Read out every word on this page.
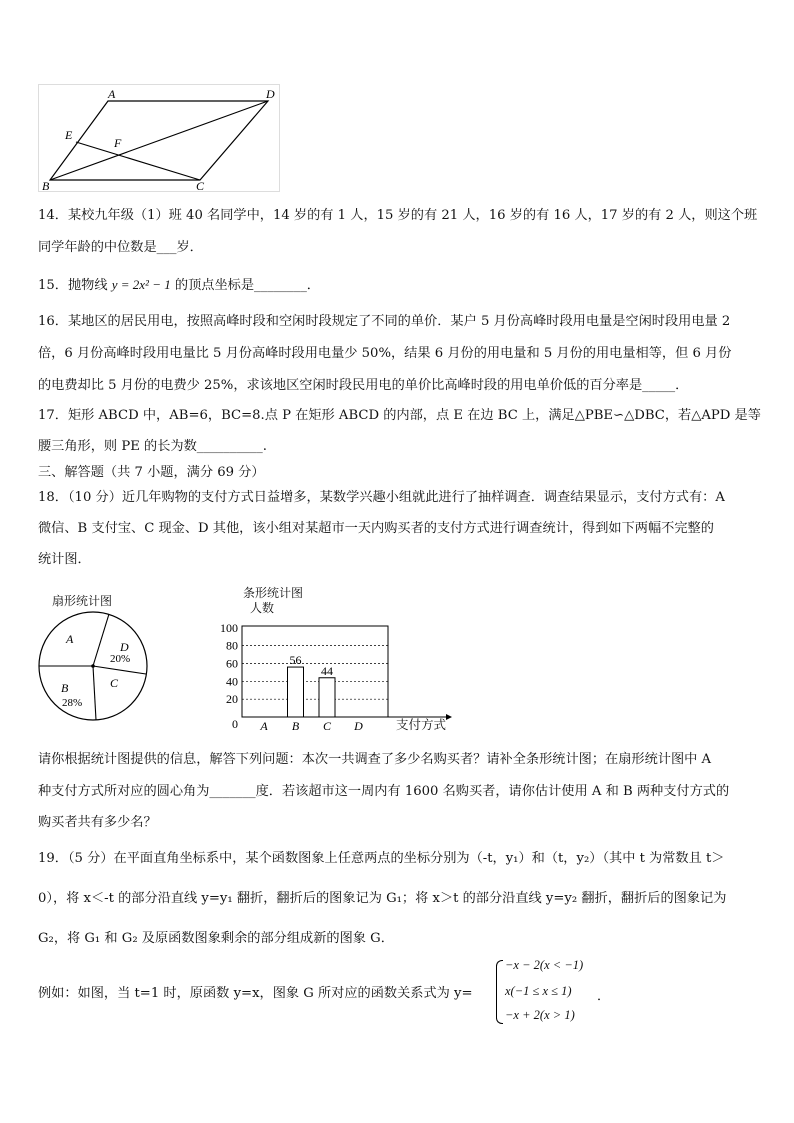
A	D
E
F
B	C
14．某校九年级（1）班 40 名同学中，14 岁的有 1 人，15 岁的有 21 人，16 岁的有 16 人，17 岁的有 2 人，则这个班
同学年龄的中位数是___岁．
15．抛物线 y = 2x² − 1 的顶点坐标是________．
16．某地区的居民用电，按照高峰时段和空闲时段规定了不同的单价．某户 5 月份高峰时段用电量是空闲时段用电量 2
倍，6 月份高峰时段用电量比 5 月份高峰时段用电量少 50%，结果 6 月份的用电量和 5 月份的用电量相等，但 6 月份
的电费却比 5 月份的电费少 25%，求该地区空闲时段民用电的单价比高峰时段的用电单价低的百分率是_____．
17．矩形 ABCD 中，AB=6，BC=8.点 P 在矩形 ABCD 的内部，点 E 在边 BC 上，满足△PBE∽△DBC，若△APD 是等
腰三角形，则 PE 的长为数__________.
三、解答题（共 7 小题，满分 69 分）
18．（10 分）近几年购物的支付方式日益增多，某数学兴趣小组就此进行了抽样调查．调查结果显示，支付方式有：A
微信、B 支付宝、C 现金、D 其他，该小组对某超市一天内购买者的支付方式进行调查统计，得到如下两幅不完整的
统计图．
扇形统计图
A
D
20%
C
B
28%
条形统计图
人数
0
20
40
60
80
100
A B
56
C
44
D
请你根据统计图提供的信息，解答下列问题：本次一共调查了多少名购买者？请补全条形统计图；在扇形统计图中 A
种支付方式所对应的圆心角为_______度．若该超市这一周内有 1600 名购买者，请你估计使用 A 和 B 两种支付方式的
购买者共有多少名？
19．（5 分）在平面直角坐标系中，某个函数图象上任意两点的坐标分别为（-t，y₁）和（t，y₂）（其中 t 为常数且 t＞
0），将 x＜-t 的部分沿直线 y=y₁ 翻折，翻折后的图象记为 G₁；将 x＞t 的部分沿直线 y=y₂ 翻折，翻折后的图象记为
G₂，将 G₁ 和 G₂ 及原函数图象剩余的部分组成新的图象 G．
例如：如图，当 t=1 时，原函数 y=x，图象 G 所对应的函数关系式为 y=
−x − 2(x < −1)
x(−1 ≤ x ≤ 1)
−x + 2(x > 1)
．
支付方式
